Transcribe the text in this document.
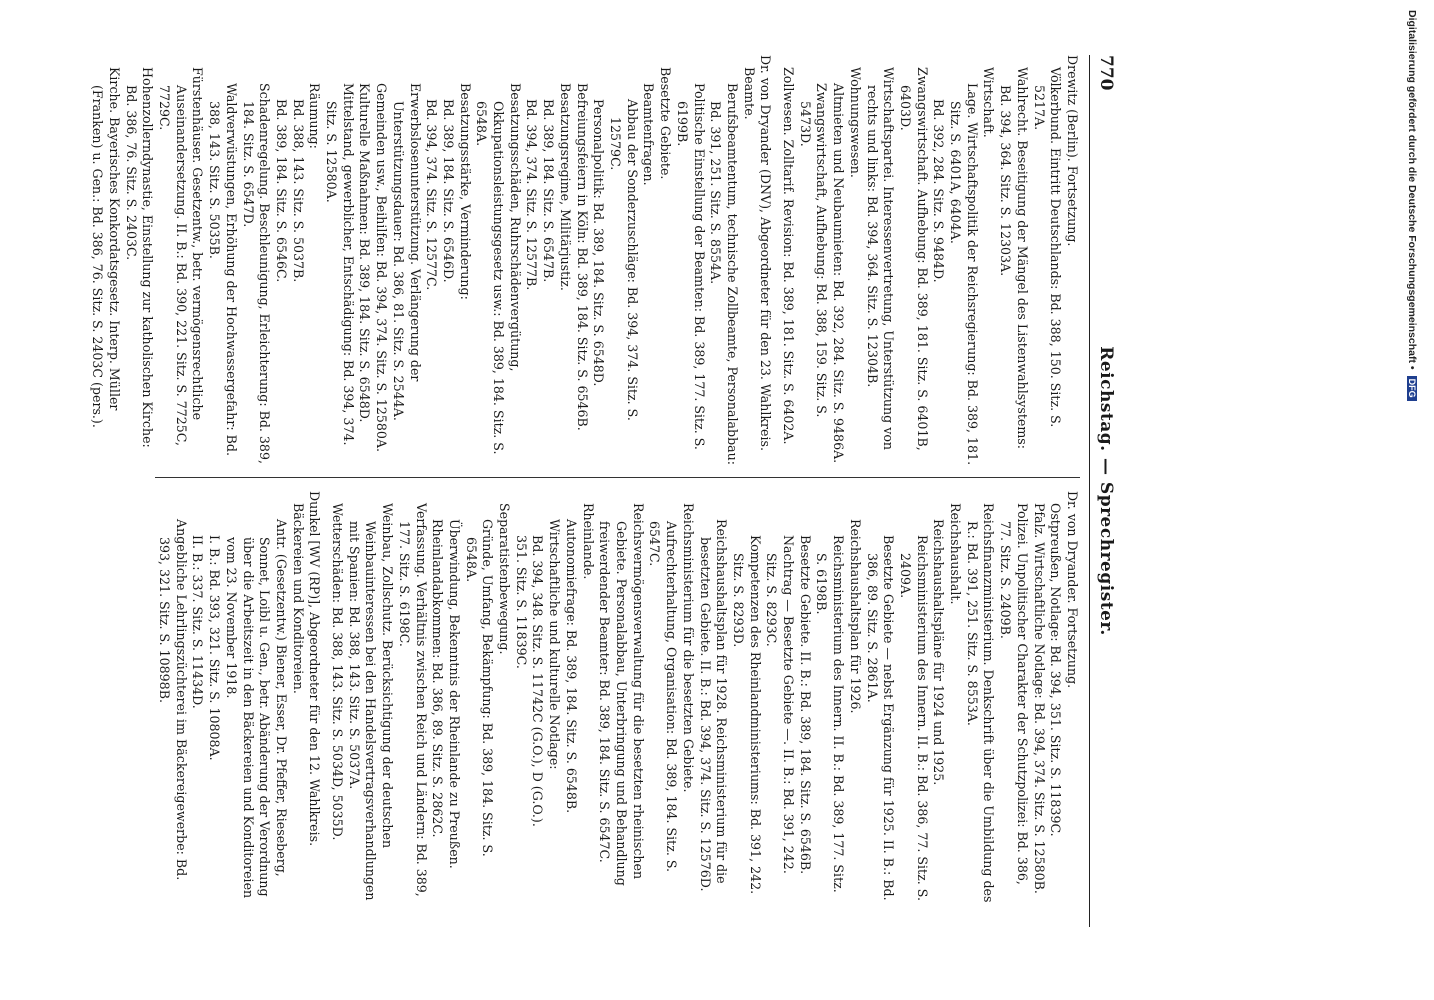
770
Reichstag. — Sprechregister.
Drewitz (Berlin). Fortsetzung.
Völkerbund. Eintritt Deutschlands: Bd. 388, 150. Sitz. S. 5217A.
Wahlrecht. Beseitigung der Mängel des Listenwahlsystems: Bd. 394, 364. Sitz. S. 12303A.
Wirtschaft.
Lage. Wirtschaftspolitik der Reichsregierung: Bd. 389, 181. Sitz. S. 6401A, 6404A.
Bd. 392, 284. Sitz. S. 9484D.
Zwangswirtschaft. Aufhebung: Bd. 389, 181. Sitz. S. 6401B, 6403D.
Wirtschaftspartei. Interessenvertretung, Unterstützung von rechts und links: Bd. 394, 364. Sitz. S. 12304B.
Wohnungswesen.
Altmieten und Neubaumieten: Bd. 392, 284. Sitz. S. 9486A.
Zwangswirtschaft, Aufhebung: Bd. 388, 159. Sitz. S. 5473D.
Zollwesen. Zolltarif. Revision: Bd. 389, 181. Sitz. S. 6402A.
Dr. von Dryander (DNV), Abgeordneter für den 23. Wahlkreis.
Beamte.
Berufsbeamtentum, technische Zollbeamte, Personalabbau: Bd. 391, 251. Sitz. S. 8554A.
Politische Einstellung der Beamten: Bd. 389, 177. Sitz. S. 6199B.
Besetzte Gebiete.
Beamtenfragen.
Abbau der Sonderzuschläge: Bd. 394, 374. Sitz. S. 12579C.
Personalpolitik: Bd. 389, 184. Sitz. S. 6548D.
Befreiungsfeiern in Köln: Bd. 389, 184. Sitz. S. 6546B.
Besatzungsregime, Militärjustiz.
Bd. 389, 184. Sitz. S. 6547B.
Bd. 394, 374. Sitz. S. 12577B.
Besatzungsschäden, Ruhrschädenvergütung, Okkupationsleistungsgesetz usw.: Bd. 389, 184. Sitz. S. 6548A.
Besatzungsstärke, Verminderung:
Bd. 389, 184. Sitz. S. 6546D.
Bd. 394, 374. Sitz. S. 12577C.
Erwerbslosenunterstützung. Verlängerung der Unterstützungsdauer: Bd. 386, 81. Sitz. S. 2544A.
Gemeinden usw., Beihilfen: Bd. 394, 374. Sitz. S. 12580A.
Kulturelle Maßnahmen: Bd. 389, 184. Sitz. S. 6548D.
Mittelstand, gewerblicher, Entschädigung: Bd. 394, 374. Sitz. S. 12580A.
Räumung:
Bd. 388, 143. Sitz. S. 5037B.
Bd. 389, 184. Sitz. S. 6546C.
Schadenregelung. Beschleunigung, Erleichterung: Bd. 389, 184. Sitz. S. 6547D.
Waldverwüstungen, Erhöhung der Hochwassergefahr: Bd. 388, 143. Sitz. S. 5035B.
Fürstenhäuser. Gesetzentw., betr. vermögensrechtliche Auseinandersetzung. II. B.: Bd. 390, 221. Sitz. S. 7725C, 7729C.
Hohenzollerndynastie, Einstellung zur katholischen Kirche: Bd. 386, 76. Sitz. S. 2403C.
Kirche. Bayerisches Konkordatsgesetz. Interp. Müller (Franken) u. Gen.: Bd. 386, 76. Sitz. S. 2403C (pers.).
Dr. von Dryander. Fortsetzung.
Ostpreußen, Notlage: Bd. 394, 351. Sitz. S. 11839C.
Pfalz. Wirtschaftliche Notlage: Bd. 394, 374. Sitz. S. 12580B.
Polizei. Unpolitischer Charakter der Schutzpolizei: Bd. 386, 77. Sitz. S. 2409B.
Reichsfinanzministerium. Denkschrift über die Umbildung des R.: Bd. 391, 251. Sitz. S. 8553A.
Reichshaushalt.
Reichshaushaltspläne für 1924 und 1925.
Reichsministerium des Innern. II. B.: Bd. 386, 77. Sitz. S. 2409A.
Besetzte Gebiete — nebst Ergänzung für 1925. II. B.: Bd. 386, 89. Sitz. S. 2861A.
Reichshaushaltsplan für 1926.
Reichsministerium des Innern. II. B.: Bd. 389, 177. Sitz. S. 6198B.
Besetzte Gebiete. II. B.: Bd. 389, 184. Sitz. S. 6546B.
Nachtrag — Besetzte Gebiete —. II. B.: Bd. 391, 242. Sitz. S. 8293C.
Kompetenzen des Rheinlandministeriums: Bd. 391, 242. Sitz. S. 8293D.
Reichshaushaltsplan für 1928. Reichsministerium für die besetzten Gebiete. II. B.: Bd. 394, 374. Sitz. S. 12576D.
Reichsministerium für die besetzten Gebiete. Aufrechterhaltung, Organisation: Bd. 389, 184. Sitz. S. 6547C.
Reichsvermögensverwaltung für die besetzten rheinischen Gebiete. Personalabbau, Unterbringung und Behandlung freiwerdender Beamter: Bd. 389, 184. Sitz. S. 6547C.
Rheinlande.
Autonomiefrage: Bd. 389, 184. Sitz. S. 6548B.
Wirtschaftliche und kulturelle Notlage:
Bd. 394, 348. Sitz. S. 11742C (G.O.), D (G.O.).
351. Sitz. S. 11839C.
Separatistenbewegung.
Gründe, Umfang, Bekämpfung: Bd. 389, 184. Sitz. S. 6548A.
Überwindung, Bekenntnis der Rheinlande zu Preußen.
Rheinlandabkommen: Bd. 386, 89. Sitz. S. 2862C.
Verfassung. Verhältnis zwischen Reich und Ländern: Bd. 389, 177. Sitz. S. 6198C.
Weinbau, Zollschutz. Berücksichtigung der deutschen Weinbauinteressen bei den Handelsvertragsverhandlungen mit Spanien: Bd. 388, 143. Sitz. S. 5037A.
Wetterschäden: Bd. 388, 143. Sitz. S. 5034D, 5035D.
Dunkel [WV (RP)], Abgeordneter für den 12. Wahlkreis.
Bäckereien und Konditoreien.
Antr. (Gesetzentw.) Biener, Esser, Dr. Pfeffer, Rieseberg, Sonnet, Loibl u. Gen., betr. Abänderung der Verordnung über die Arbeitszeit in den Bäckereien und Konditoreien vom 23. November 1918.
I. B.: Bd. 393, 321. Sitz. S. 10808A.
II. B.: 337. Sitz. S. 11434D.
Angebliche Lehrlingszüchterei im Bäckereigewerbe: Bd. 393, 321. Sitz. S. 10898B.
Digitalisierung gefördert durch die Deutsche Forschungsgemeinschaft •DFG
